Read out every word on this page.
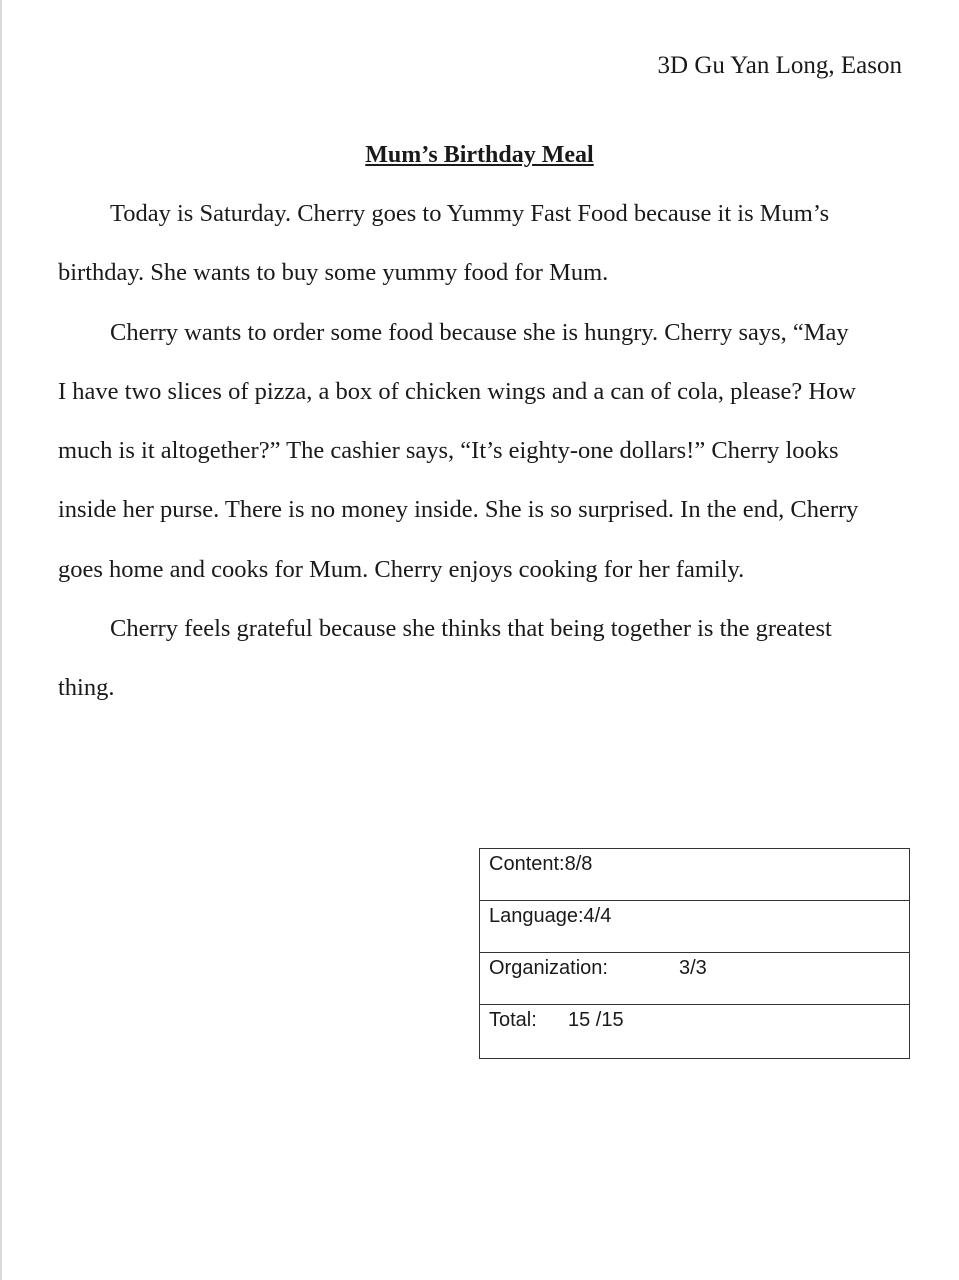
3D Gu Yan Long, Eason
Mum’s Birthday Meal
Today is Saturday. Cherry goes to Yummy Fast Food because it is Mum’s
birthday. She wants to buy some yummy food for Mum.
Cherry wants to order some food because she is hungry. Cherry says, “May
I have two slices of pizza, a box of chicken wings and a can of cola, please? How
much is it altogether?” The cashier says, “It’s eighty-one dollars!” Cherry looks
inside her purse. There is no money inside. She is so surprised. In the end, Cherry
goes home and cooks for Mum. Cherry enjoys cooking for her family.
Cherry feels grateful because she thinks that being together is the greatest
thing.
Content:8/8
Language:4/4
Organization:	3/3
Total: 15 /15
